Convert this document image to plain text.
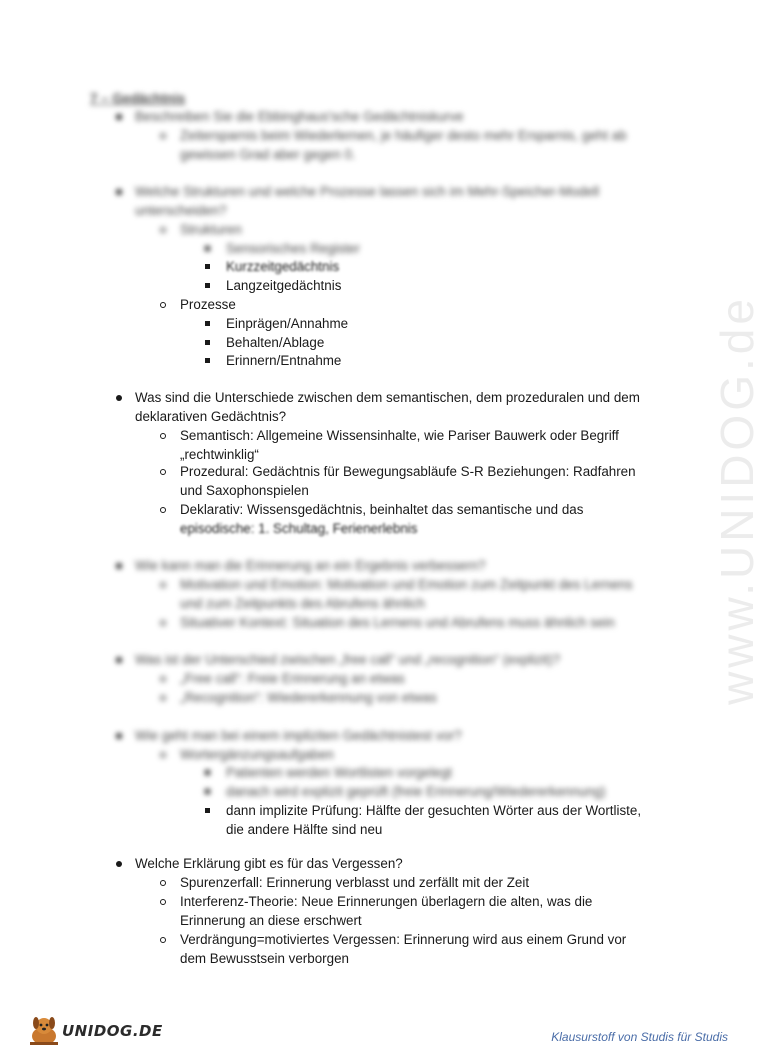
www.UNIDOG.de
7 – Gedächtnis
Beschreiben Sie die Ebbinghaus'sche Gedächtniskurve
Zeitersparnis beim Wiederlernen, je häufiger desto mehr Ersparnis, geht ab
gewissen Grad aber gegen 0.
Welche Strukturen und welche Prozesse lassen sich im Mehr-Speicher-Modell
unterscheiden?
Strukturen
Sensorisches Register
Kurzzeitgedächtnis
Langzeitgedächtnis
Prozesse
Einprägen/Annahme
Behalten/Ablage
Erinnern/Entnahme
Was sind die Unterschiede zwischen dem semantischen, dem prozeduralen und dem
deklarativen Gedächtnis?
Semantisch: Allgemeine Wissensinhalte, wie Pariser Bauwerk oder Begriff
„rechtwinklig“
Prozedural: Gedächtnis für Bewegungsabläufe S-R Beziehungen: Radfahren
und Saxophonspielen
Deklarativ: Wissensgedächtnis, beinhaltet das semantische und das
episodische: 1. Schultag, Ferienerlebnis
Wie kann man die Erinnerung an ein Ergebnis verbessern?
Motivation und Emotion: Motivation und Emotion zum Zeitpunkt des Lernens
und zum Zeitpunkts des Abrufens ähnlich
Situativer Kontext: Situation des Lernens und Abrufens muss ähnlich sein
Was ist der Unterschied zwischen „free call“ und „recognition“ (explizit)?
„Free call“: Freie Erinnerung an etwas
„Recognition“: Wiedererkennung von etwas
Wie geht man bei einem impliziten Gedächtnistest vor?
Wortergänzungsaufgaben
Patienten werden Wortlisten vorgelegt
danach wird explizit geprüft (freie Erinnerung/Wiedererkennung)
dann implizite Prüfung: Hälfte der gesuchten Wörter aus der Wortliste,
die andere Hälfte sind neu
Welche Erklärung gibt es für das Vergessen?
Spurenzerfall: Erinnerung verblasst und zerfällt mit der Zeit
Interferenz-Theorie: Neue Erinnerungen überlagern die alten, was die
Erinnerung an diese erschwert
Verdrängung=motiviertes Vergessen: Erinnerung wird aus einem Grund vor
dem Bewusstsein verborgen
UNIDOG.DE	Klausurstoff von Studis für Studis
